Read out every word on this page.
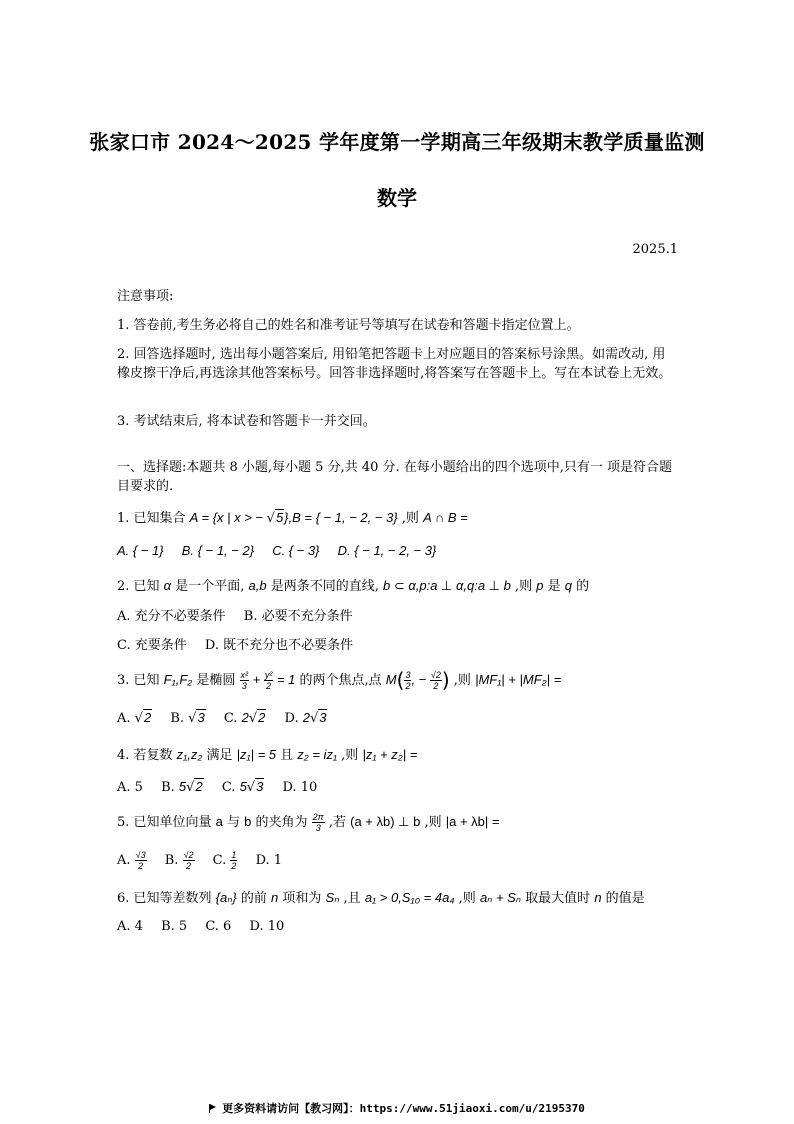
张家口市 2024～2025 学年度第一学期高三年级期末教学质量监测
数学
2025.1
注意事项:
1. 答卷前,考生务必将自己的姓名和准考证号等填写在试卷和答题卡指定位置上。
2. 回答选择题时, 选出每小题答案后, 用铅笔把答题卡上对应题目的答案标号涂黑。如需改动, 用橡皮擦干净后,再选涂其他答案标号。回答非选择题时,将答案写在答题卡上。写在本试卷上无效。
3. 考试结束后, 将本试卷和答题卡一并交回。
一、选择题:本题共 8 小题,每小题 5 分,共 40 分. 在每小题给出的四个选项中,只有一 项是符合题目要求的.
1. 已知集合 A = {x | x > − √5},B = { − 1, − 2, − 3} ,则 A ∩ B =
A. { − 1} B. { − 1, − 2} C. { − 3} D. { − 1, − 2, − 3}
2. 已知 α 是一个平面, a,b 是两条不同的直线, b ⊂ α,p:a ⊥ α,q:a ⊥ b ,则 p 是 q 的
A. 充分不必要条件 B. 必要不充分条件
C. 充要条件 D. 既不充分也不必要条件
3. 已知 F₁,F₂ 是椭圆 $\frac{\text{x²}}{3} + \frac{\text{y²}}{2} = 1$ 的两个焦点,点 $M( \frac{3}{2}$ , − $\frac{√2}{2}$ ) ,则 |MF₁| + |MF₂| =
A. √2 B. √3 C. 2√2 D. 2√3
4. 若复数 z₁,z₂ 满足 |z₁| = 5 且 z₂ = iz₁ ,则 |z₁ + z₂| =
A. 5 B. 5√2 C. 5√3 D. 10
5. 已知单位向量 a 与 b 的夹角为 $\frac{2\pi}{3}$ ,若 (a + λb) ⊥ b ,则 |a + λb| =
A. $\frac{√3}{2} B$. $\frac{√2}{2} C$. $\frac{1}{2} D$. 1
6. 已知等差数列 {aₙ} 的前 n 项和为 Sₙ ,且 a₁ > 0,S₁₀ = 4a₄ ,则 aₙ + Sₙ 取最大值时 n 的值是
A. 4 B. 5 C. 6 D. 10
更多资料请访问【教习网】：https://www.51jiaoxi.com/u/2195370
